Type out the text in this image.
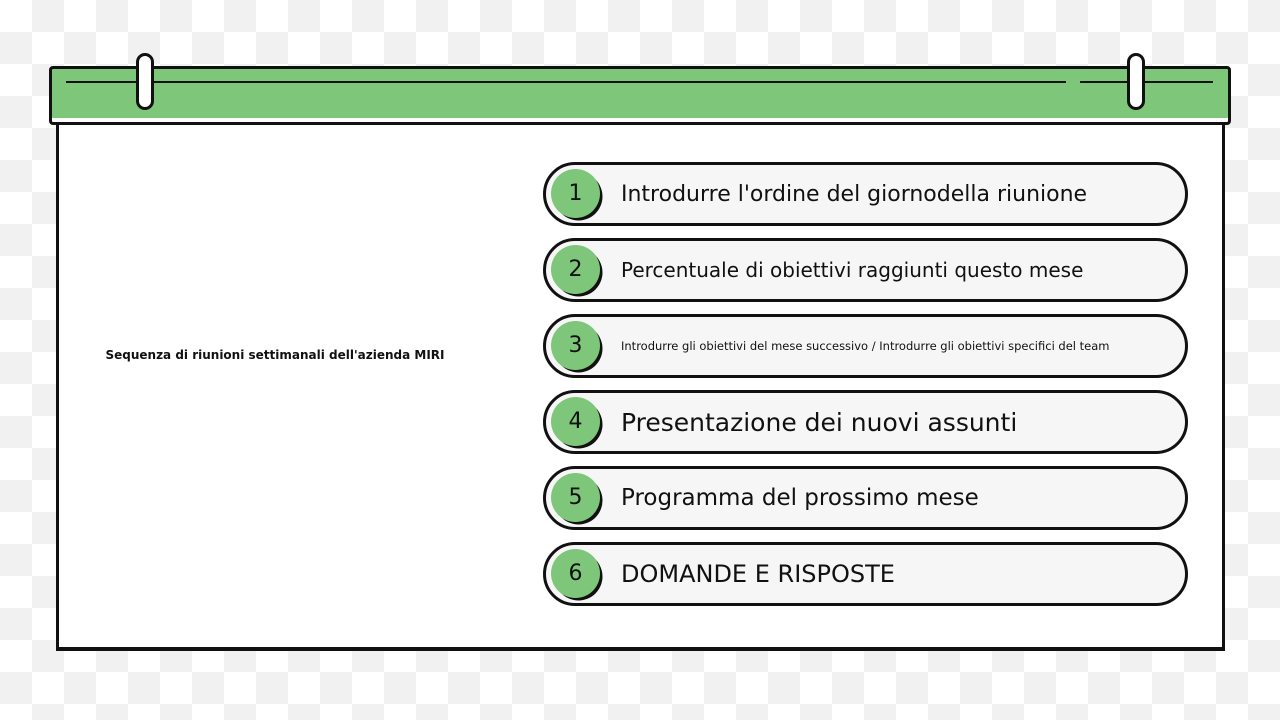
Sequenza di riunioni settimanali dell'azienda MIRI
1	Introdurre l'ordine del giornodella riunione
2	Percentuale di obiettivi raggiunti questo mese
3	Introdurre gli obiettivi del mese successivo / Introdurre gli obiettivi specifici del team
4	Presentazione dei nuovi assunti
5	Programma del prossimo mese
6	DOMANDE E RISPOSTE
